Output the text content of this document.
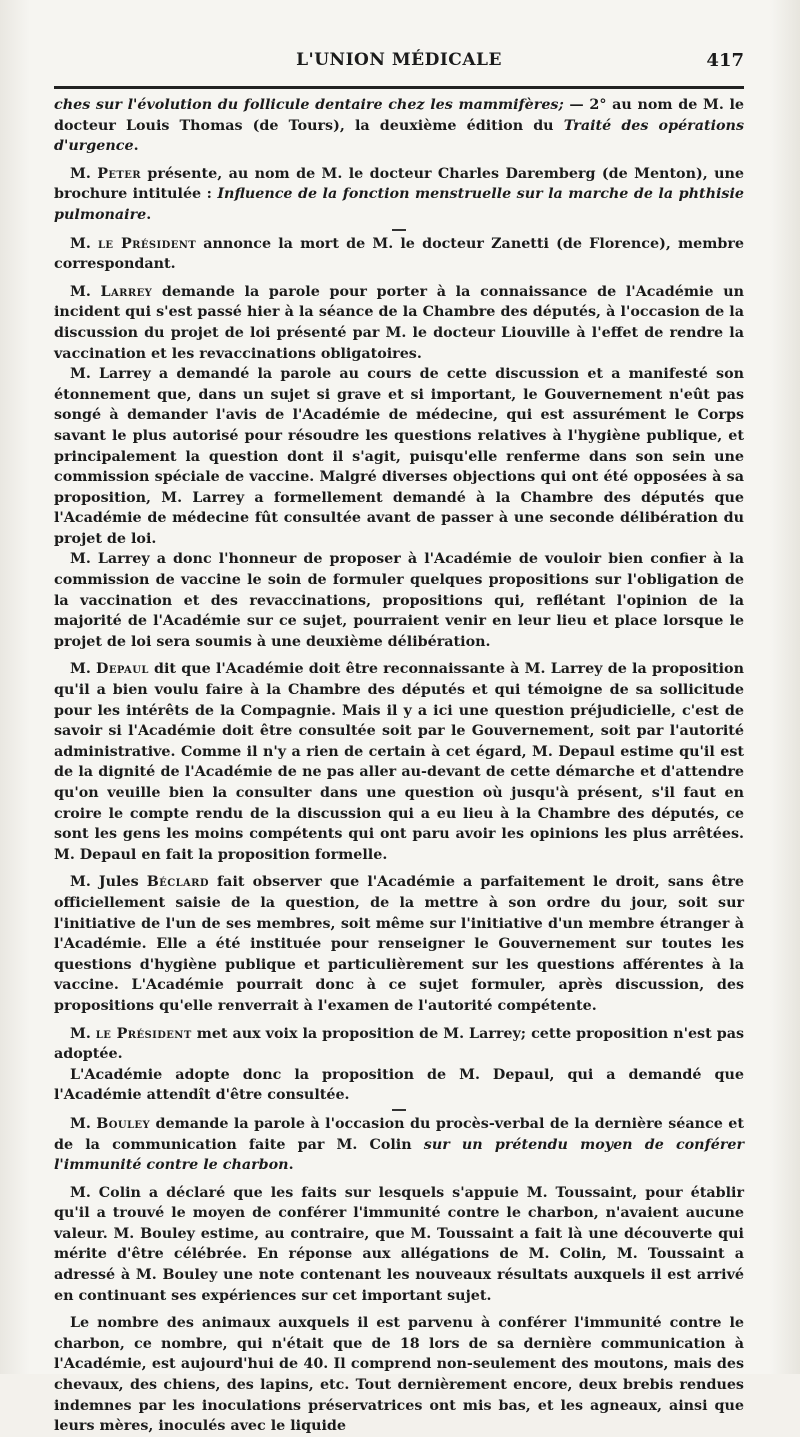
L'UNION MÉDICALE	417

ches sur l'évolution du follicule dentaire chez les mammifères; — 2° au nom de M. le docteur Louis Thomas (de Tours), la deuxième édition du Traité des opérations d'urgence.

M. Peter présente, au nom de M. le docteur Charles Daremberg (de Menton), une brochure intitulée : Influence de la fonction menstruelle sur la marche de la phthisie pulmonaire.

M. le Président annonce la mort de M. le docteur Zanetti (de Florence), membre correspondant.

M. Larrey demande la parole pour porter à la connaissance de l'Académie un incident qui s'est passé hier à la séance de la Chambre des députés, à l'occasion de la discussion du projet de loi présenté par M. le docteur Liouville à l'effet de rendre la vaccination et les revaccinations obligatoires.

M. Larrey a demandé la parole au cours de cette discussion et a manifesté son étonnement que, dans un sujet si grave et si important, le Gouvernement n'eût pas songé à demander l'avis de l'Académie de médecine, qui est assurément le Corps savant le plus autorisé pour résoudre les questions relatives à l'hygiène publique, et principalement la question dont il s'agit, puisqu'elle renferme dans son sein une commission spéciale de vaccine. Malgré diverses objections qui ont été opposées à sa proposition, M. Larrey a formellement demandé à la Chambre des députés que l'Académie de médecine fût consultée avant de passer à une seconde délibération du projet de loi.

M. Larrey a donc l'honneur de proposer à l'Académie de vouloir bien confier à la commission de vaccine le soin de formuler quelques propositions sur l'obligation de la vaccination et des revaccinations, propositions qui, reflétant l'opinion de la majorité de l'Académie sur ce sujet, pourraient venir en leur lieu et place lorsque le projet de loi sera soumis à une deuxième délibération.

M. Depaul dit que l'Académie doit être reconnaissante à M. Larrey de la proposition qu'il a bien voulu faire à la Chambre des députés et qui témoigne de sa sollicitude pour les intérêts de la Compagnie. Mais il y a ici une question préjudicielle, c'est de savoir si l'Académie doit être consultée soit par le Gouvernement, soit par l'autorité administrative. Comme il n'y a rien de certain à cet égard, M. Depaul estime qu'il est de la dignité de l'Académie de ne pas aller au-devant de cette démarche et d'attendre qu'on veuille bien la consulter dans une question où jusqu'à présent, s'il faut en croire le compte rendu de la discussion qui a eu lieu à la Chambre des députés, ce sont les gens les moins compétents qui ont paru avoir les opinions les plus arrêtées. M. Depaul en fait la proposition formelle.

M. Jules Béclard fait observer que l'Académie a parfaitement le droit, sans être officiellement saisie de la question, de la mettre à son ordre du jour, soit sur l'initiative de l'un de ses membres, soit même sur l'initiative d'un membre étranger à l'Académie. Elle a été instituée pour renseigner le Gouvernement sur toutes les questions d'hygiène publique et particulièrement sur les questions afférentes à la vaccine. L'Académie pourrait donc à ce sujet formuler, après discussion, des propositions qu'elle renverrait à l'examen de l'autorité compétente.

M. le Président met aux voix la proposition de M. Larrey; cette proposition n'est pas adoptée.

L'Académie adopte donc la proposition de M. Depaul, qui a demandé que l'Académie attendît d'être consultée.

M. Bouley demande la parole à l'occasion du procès-verbal de la dernière séance et de la communication faite par M. Colin sur un prétendu moyen de conférer l'immunité contre le charbon.

M. Colin a déclaré que les faits sur lesquels s'appuie M. Toussaint, pour établir qu'il a trouvé le moyen de conférer l'immunité contre le charbon, n'avaient aucune valeur. M. Bouley estime, au contraire, que M. Toussaint a fait là une découverte qui mérite d'être célébrée. En réponse aux allégations de M. Colin, M. Toussaint a adressé à M. Bouley une note contenant les nouveaux résultats auxquels il est arrivé en continuant ses expériences sur cet important sujet.

Le nombre des animaux auxquels il est parvenu à conférer l'immunité contre le charbon, ce nombre, qui n'était que de 18 lors de sa dernière communication à l'Académie, est aujourd'hui de 40. Il comprend non-seulement des moutons, mais des chevaux, des chiens, des lapins, etc. Tout dernièrement encore, deux brebis rendues indemnes par les inoculations préservatrices ont mis bas, et les agneaux, ainsi que leurs mères, inoculés avec le liquide
